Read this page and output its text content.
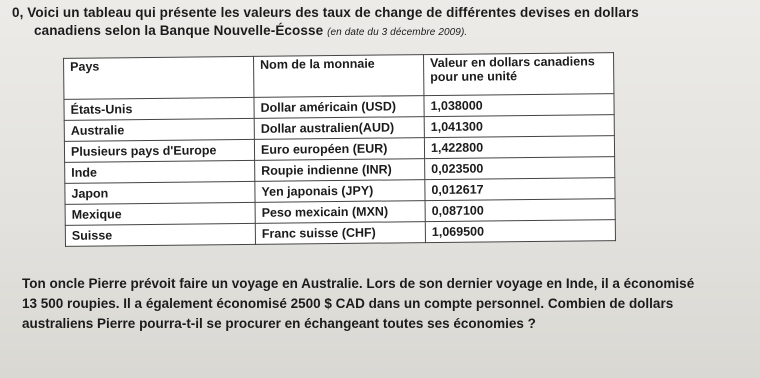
0, Voici un tableau qui présente les valeurs des taux de change de différentes devises en dollars
canadiens selon la Banque Nouvelle-Écosse (en date du 3 décembre 2009).
Pays	Nom de la monnaie	Valeur en dollars canadiens pour une unité
États-Unis	Dollar américain (USD)	1,038000
Australie	Dollar australien(AUD)	1,041300
Plusieurs pays d'Europe	Euro européen (EUR)	1,422800
Inde	Roupie indienne (INR)	0,023500
Japon	Yen japonais (JPY)	0,012617
Mexique	Peso mexicain (MXN)	0,087100
Suisse	Franc suisse (CHF)	1,069500
Ton oncle Pierre prévoit faire un voyage en Australie. Lors de son dernier voyage en Inde, il a économisé
13 500 roupies. Il a également économisé 2500 $ CAD dans un compte personnel. Combien de dollars
australiens Pierre pourra-t-il se procurer en échangeant toutes ses économies ?
